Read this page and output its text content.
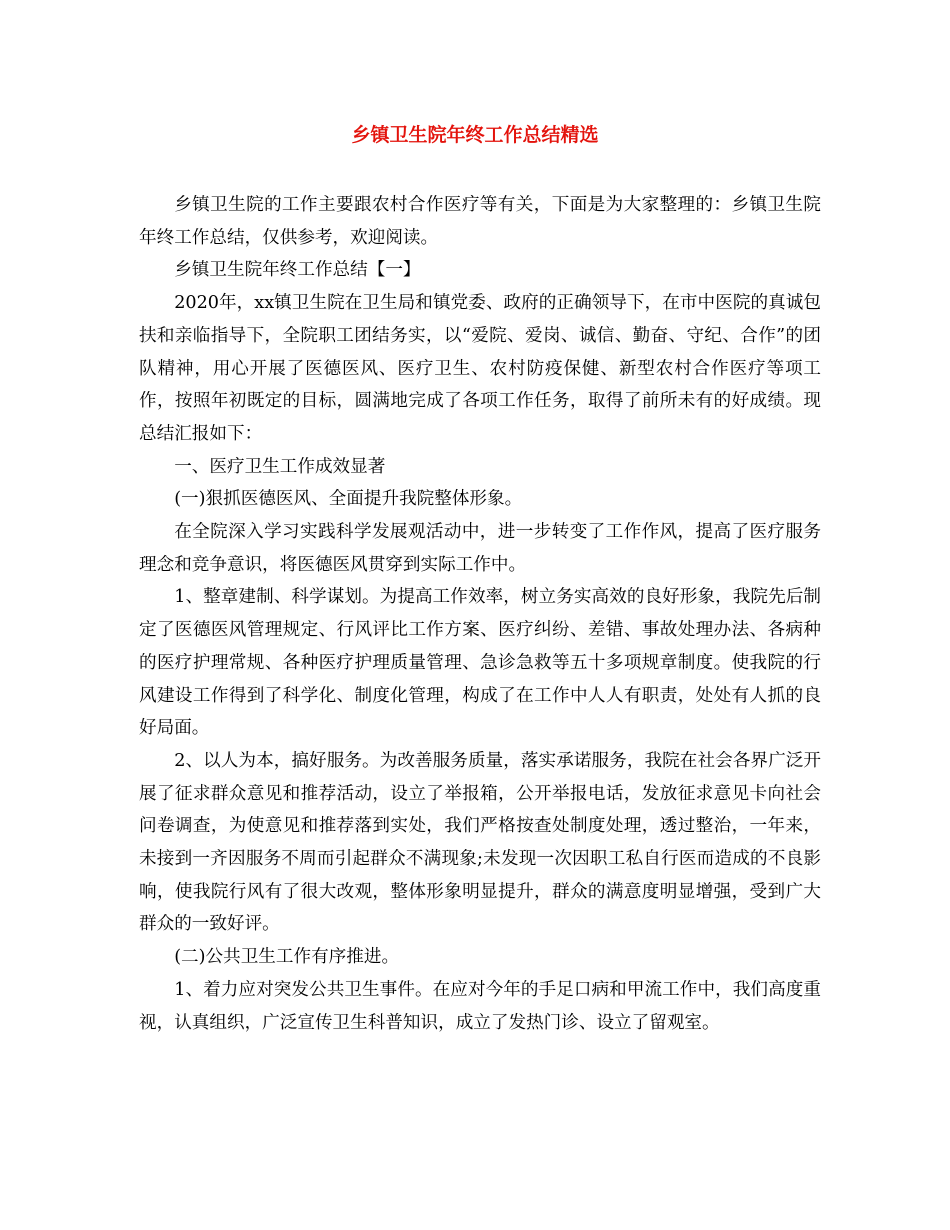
乡镇卫生院年终工作总结精选

乡镇卫生院的工作主要跟农村合作医疗等有关，下面是为大家整理的：乡镇卫生院年终工作总结，仅供参考，欢迎阅读。

乡镇卫生院年终工作总结【一】

2020年，xx镇卫生院在卫生局和镇党委、政府的正确领导下，在市中医院的真诚包扶和亲临指导下，全院职工团结务实，以“爱院、爱岗、诚信、勤奋、守纪、合作”的团队精神，用心开展了医德医风、医疗卫生、农村防疫保健、新型农村合作医疗等项工作，按照年初既定的目标，圆满地完成了各项工作任务，取得了前所未有的好成绩。现总结汇报如下：

一、医疗卫生工作成效显著

(一)狠抓医德医风、全面提升我院整体形象。

在全院深入学习实践科学发展观活动中，进一步转变了工作作风，提高了医疗服务理念和竞争意识，将医德医风贯穿到实际工作中。

1、整章建制、科学谋划。为提高工作效率，树立务实高效的良好形象，我院先后制定了医德医风管理规定、行风评比工作方案、医疗纠纷、差错、事故处理办法、各病种的医疗护理常规、各种医疗护理质量管理、急诊急救等五十多项规章制度。使我院的行风建设工作得到了科学化、制度化管理，构成了在工作中人人有职责，处处有人抓的良好局面。

2、以人为本，搞好服务。为改善服务质量，落实承诺服务，我院在社会各界广泛开展了征求群众意见和推荐活动，设立了举报箱，公开举报电话，发放征求意见卡向社会问卷调查，为使意见和推荐落到实处，我们严格按查处制度处理，透过整治，一年来，未接到一齐因服务不周而引起群众不满现象;未发现一次因职工私自行医而造成的不良影响，使我院行风有了很大改观，整体形象明显提升，群众的满意度明显增强，受到广大群众的一致好评。

(二)公共卫生工作有序推进。

1、着力应对突发公共卫生事件。在应对今年的手足口病和甲流工作中，我们高度重视，认真组织，广泛宣传卫生科普知识，成立了发热门诊、设立了留观室。
